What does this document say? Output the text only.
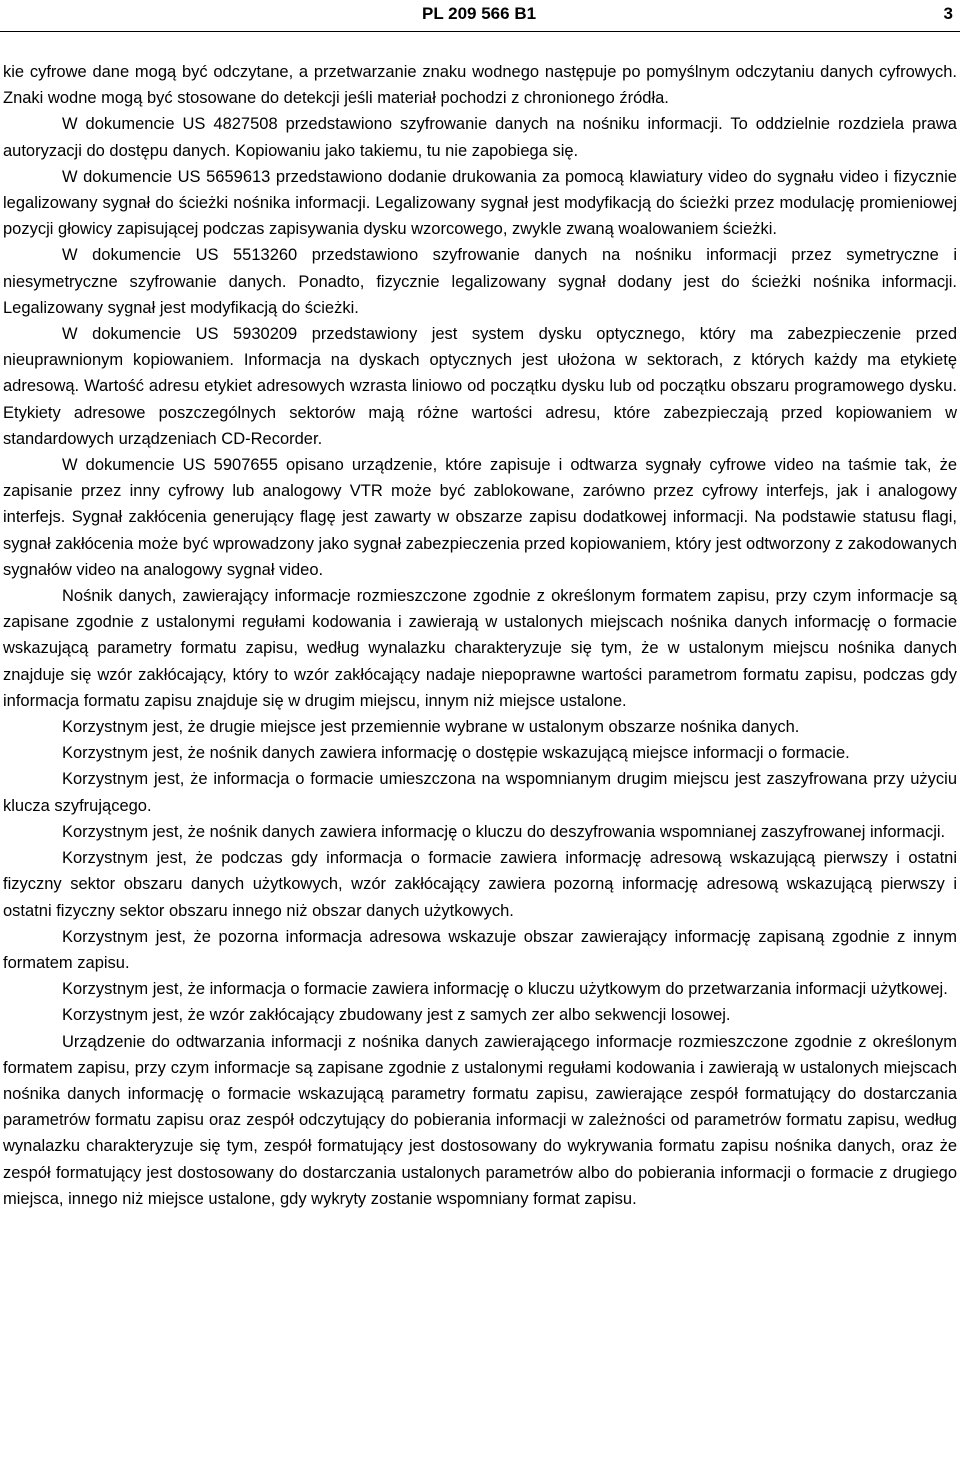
PL 209 566 B1	3

kie cyfrowe dane mogą być odczytane, a przetwarzanie znaku wodnego następuje po pomyślnym odczytaniu danych cyfrowych. Znaki wodne mogą być stosowane do detekcji jeśli materiał pochodzi z chronionego źródła.

W dokumencie US 4827508 przedstawiono szyfrowanie danych na nośniku informacji. To oddzielnie rozdziela prawa autoryzacji do dostępu danych. Kopiowaniu jako takiemu, tu nie zapobiega się.

W dokumencie US 5659613 przedstawiono dodanie drukowania za pomocą klawiatury video do sygnału video i fizycznie legalizowany sygnał do ścieżki nośnika informacji. Legalizowany sygnał jest modyfikacją do ścieżki przez modulację promieniowej pozycji głowicy zapisującej podczas zapisywania dysku wzorcowego, zwykle zwaną woalowaniem ścieżki.

W dokumencie US 5513260 przedstawiono szyfrowanie danych na nośniku informacji przez symetryczne i niesymetryczne szyfrowanie danych. Ponadto, fizycznie legalizowany sygnał dodany jest do ścieżki nośnika informacji. Legalizowany sygnał jest modyfikacją do ścieżki.

W dokumencie US 5930209 przedstawiony jest system dysku optycznego, który ma zabezpieczenie przed nieuprawnionym kopiowaniem. Informacja na dyskach optycznych jest ułożona w sektorach, z których każdy ma etykietę adresową. Wartość adresu etykiet adresowych wzrasta liniowo od początku dysku lub od początku obszaru programowego dysku. Etykiety adresowe poszczególnych sektorów mają różne wartości adresu, które zabezpieczają przed kopiowaniem w standardowych urządzeniach CD-Recorder.

W dokumencie US 5907655 opisano urządzenie, które zapisuje i odtwarza sygnały cyfrowe video na taśmie tak, że zapisanie przez inny cyfrowy lub analogowy VTR może być zablokowane, zarówno przez cyfrowy interfejs, jak i analogowy interfejs. Sygnał zakłócenia generujący flagę jest zawarty w obszarze zapisu dodatkowej informacji. Na podstawie statusu flagi, sygnał zakłócenia może być wprowadzony jako sygnał zabezpieczenia przed kopiowaniem, który jest odtworzony z zakodowanych sygnałów video na analogowy sygnał video.

Nośnik danych, zawierający informacje rozmieszczone zgodnie z określonym formatem zapisu, przy czym informacje są zapisane zgodnie z ustalonymi regułami kodowania i zawierają w ustalonych miejscach nośnika danych informację o formacie wskazującą parametry formatu zapisu, według wynalazku charakteryzuje się tym, że w ustalonym miejscu nośnika danych znajduje się wzór zakłócający, który to wzór zakłócający nadaje niepoprawne wartości parametrom formatu zapisu, podczas gdy informacja formatu zapisu znajduje się w drugim miejscu, innym niż miejsce ustalone.

Korzystnym jest, że drugie miejsce jest przemiennie wybrane w ustalonym obszarze nośnika danych.

Korzystnym jest, że nośnik danych zawiera informację o dostępie wskazującą miejsce informacji o formacie.

Korzystnym jest, że informacja o formacie umieszczona na wspomnianym drugim miejscu jest zaszyfrowana przy użyciu klucza szyfrującego.

Korzystnym jest, że nośnik danych zawiera informację o kluczu do deszyfrowania wspomnianej zaszyfrowanej informacji.

Korzystnym jest, że podczas gdy informacja o formacie zawiera informację adresową wskazującą pierwszy i ostatni fizyczny sektor obszaru danych użytkowych, wzór zakłócający zawiera pozorną informację adresową wskazującą pierwszy i ostatni fizyczny sektor obszaru innego niż obszar danych użytkowych.

Korzystnym jest, że pozorna informacja adresowa wskazuje obszar zawierający informację zapisaną zgodnie z innym formatem zapisu.

Korzystnym jest, że informacja o formacie zawiera informację o kluczu użytkowym do przetwarzania informacji użytkowej.

Korzystnym jest, że wzór zakłócający zbudowany jest z samych zer albo sekwencji losowej.

Urządzenie do odtwarzania informacji z nośnika danych zawierającego informacje rozmieszczone zgodnie z określonym formatem zapisu, przy czym informacje są zapisane zgodnie z ustalonymi regułami kodowania i zawierają w ustalonych miejscach nośnika danych informację o formacie wskazującą parametry formatu zapisu, zawierające zespół formatujący do dostarczania parametrów formatu zapisu oraz zespół odczytujący do pobierania informacji w zależności od parametrów formatu zapisu, według wynalazku charakteryzuje się tym, zespół formatujący jest dostosowany do wykrywania formatu zapisu nośnika danych, oraz że zespół formatujący jest dostosowany do dostarczania ustalonych parametrów albo do pobierania informacji o formacie z drugiego miejsca, innego niż miejsce ustalone, gdy wykryty zostanie wspomniany format zapisu.
